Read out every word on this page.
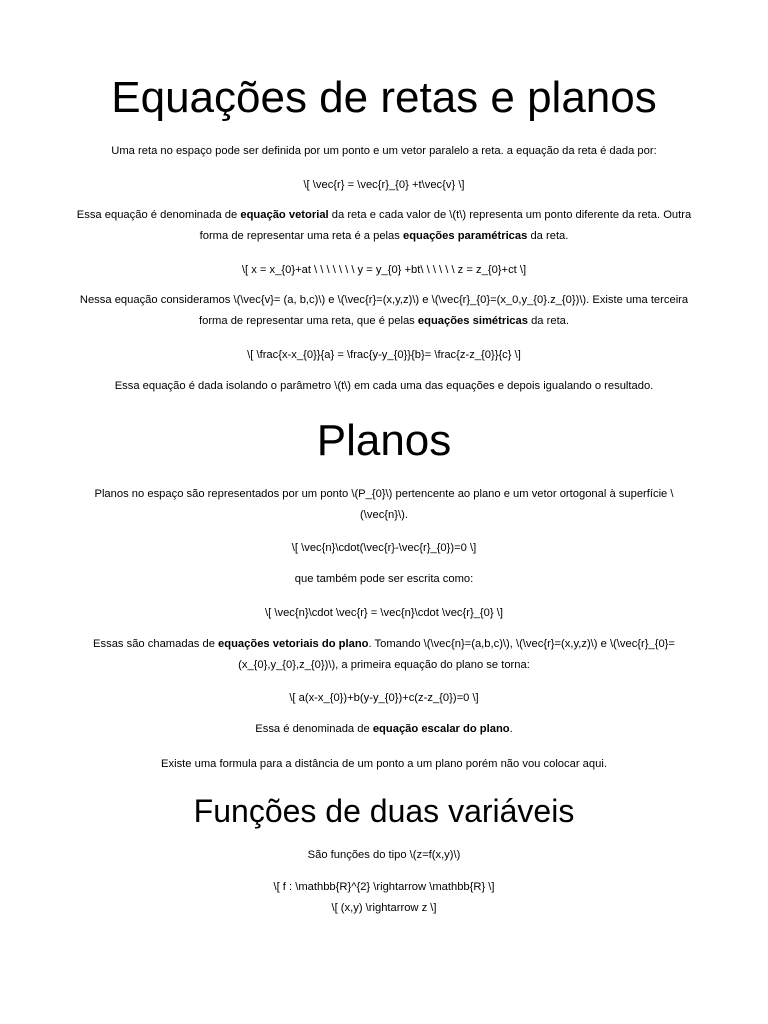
Equações de retas e planos

Uma reta no espaço pode ser definida por um ponto e um vetor paralelo a reta. a equação da reta é dada por:

\[ \vec{r} = \vec{r}_{0} +t\vec{v} \]

Essa equação é denominada de equação vetorial da reta e cada valor de \(t\) representa um ponto diferente da reta. Outra forma de representar uma reta é a pelas equações paramétricas da reta.

\[ x = x_{0}+at \ \ \ \ \ \ \ y = y_{0} +bt\ \ \ \ \ \ z = z_{0}+ct \]

Nessa equação consideramos \(\vec{v}= (a, b,c)\) e \(\vec{r}=(x,y,z)\) e \(\vec{r}_{0}=(x_0,y_{0}.z_{0})\). Existe uma terceira forma de representar uma reta, que é pelas equações simétricas da reta.

\[ \frac{x-x_{0}}{a} = \frac{y-y_{0}}{b}= \frac{z-z_{0}}{c} \]

Essa equação é dada isolando o parâmetro \(t\) em cada uma das equações e depois igualando o resultado.

Planos

Planos no espaço são representados por um ponto \(P_{0}\) pertencente ao plano e um vetor ortogonal à superfície \(\vec{n}\).

\[ \vec{n}\cdot(\vec{r}-\vec{r}_{0})=0 \]

que também pode ser escrita como:

\[ \vec{n}\cdot \vec{r} = \vec{n}\cdot \vec{r}_{0} \]

Essas são chamadas de equações vetoriais do plano. Tomando \(\vec{n}=(a,b,c)\), \(\vec{r}=(x,y,z)\) e \(\vec{r}_{0}=(x_{0},y_{0},z_{0})\), a primeira equação do plano se torna:

\[ a(x-x_{0})+b(y-y_{0})+c(z-z_{0})=0 \]

Essa é denominada de equação escalar do plano.

Existe uma formula para a distância de um ponto a um plano porém não vou colocar aqui.

Funções de duas variáveis

São funções do tipo \(z=f(x,y)\)

\[ f : \mathbb{R}^{2} \rightarrow \mathbb{R} \]

\[ (x,y) \rightarrow z \]
